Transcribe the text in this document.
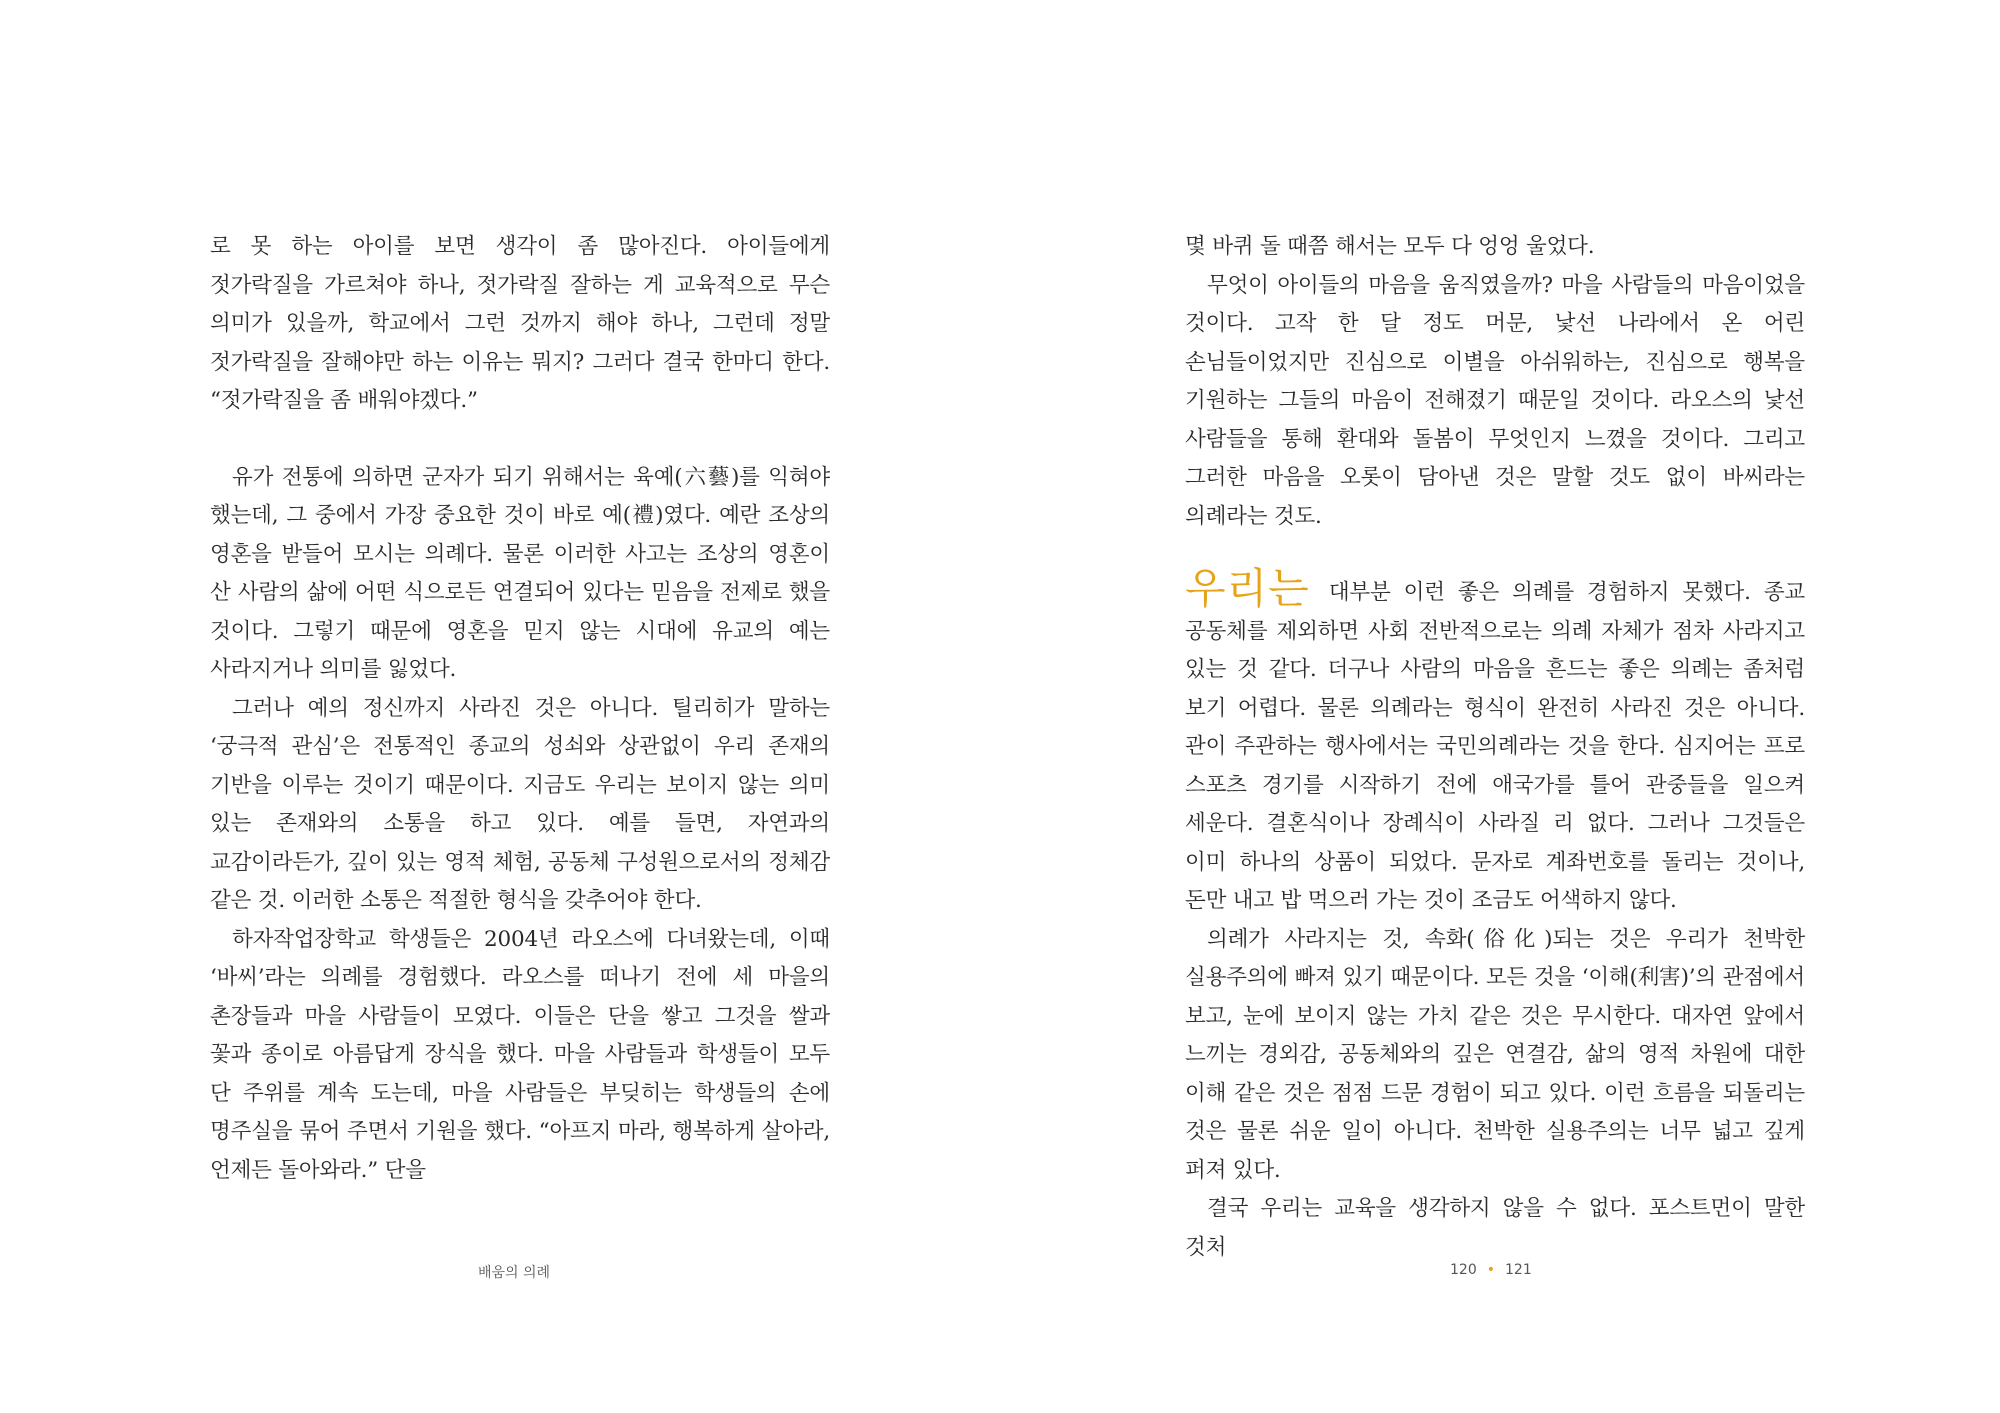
로 못 하는 아이를 보면 생각이 좀 많아진다. 아이들에게 젓가락질을 가르쳐야 하나, 젓가락질 잘하는 게 교육적으로 무슨 의미가 있을까, 학교에서 그런 것까지 해야 하나, 그런데 정말 젓가락질을 잘해야만 하는 이유는 뭐지? 그러다 결국 한마디 한다. “젓가락질을 좀 배워야겠다.”

유가 전통에 의하면 군자가 되기 위해서는 육예(六藝)를 익혀야 했는데, 그 중에서 가장 중요한 것이 바로 예(禮)였다. 예란 조상의 영혼을 받들어 모시는 의례다. 물론 이러한 사고는 조상의 영혼이 산 사람의 삶에 어떤 식으로든 연결되어 있다는 믿음을 전제로 했을 것이다. 그렇기 때문에 영혼을 믿지 않는 시대에 유교의 예는 사라지거나 의미를 잃었다.

그러나 예의 정신까지 사라진 것은 아니다. 틸리히가 말하는 ‘궁극적 관심’은 전통적인 종교의 성쇠와 상관없이 우리 존재의 기반을 이루는 것이기 때문이다. 지금도 우리는 보이지 않는 의미 있는 존재와의 소통을 하고 있다. 예를 들면, 자연과의 교감이라든가, 깊이 있는 영적 체험, 공동체 구성원으로서의 정체감 같은 것. 이러한 소통은 적절한 형식을 갖추어야 한다.

하자작업장학교 학생들은 2004년 라오스에 다녀왔는데, 이때 ‘바씨’라는 의례를 경험했다. 라오스를 떠나기 전에 세 마을의 촌장들과 마을 사람들이 모였다. 이들은 단을 쌓고 그것을 쌀과 꽃과 종이로 아름답게 장식을 했다. 마을 사람들과 학생들이 모두 단 주위를 계속 도는데, 마을 사람들은 부딪히는 학생들의 손에 명주실을 묶어 주면서 기원을 했다. “아프지 마라, 행복하게 살아라, 언제든 돌아와라.” 단을

몇 바퀴 돌 때쯤 해서는 모두 다 엉엉 울었다.

무엇이 아이들의 마음을 움직였을까? 마을 사람들의 마음이었을 것이다. 고작 한 달 정도 머문, 낯선 나라에서 온 어린 손님들이었지만 진심으로 이별을 아쉬워하는, 진심으로 행복을 기원하는 그들의 마음이 전해졌기 때문일 것이다. 라오스의 낯선 사람들을 통해 환대와 돌봄이 무엇인지 느꼈을 것이다. 그리고 그러한 마음을 오롯이 담아낸 것은 말할 것도 없이 바씨라는 의례라는 것도.

우리는 대부분 이런 좋은 의례를 경험하지 못했다. 종교 공동체를 제외하면 사회 전반적으로는 의례 자체가 점차 사라지고 있는 것 같다. 더구나 사람의 마음을 흔드는 좋은 의례는 좀처럼 보기 어렵다. 물론 의례라는 형식이 완전히 사라진 것은 아니다. 관이 주관하는 행사에서는 국민의례라는 것을 한다. 심지어는 프로 스포츠 경기를 시작하기 전에 애국가를 틀어 관중들을 일으켜 세운다. 결혼식이나 장례식이 사라질 리 없다. 그러나 그것들은 이미 하나의 상품이 되었다. 문자로 계좌번호를 돌리는 것이나, 돈만 내고 밥 먹으러 가는 것이 조금도 어색하지 않다.

의례가 사라지는 것, 속화(俗化)되는 것은 우리가 천박한 실용주의에 빠져 있기 때문이다. 모든 것을 ‘이해(利害)’의 관점에서 보고, 눈에 보이지 않는 가치 같은 것은 무시한다. 대자연 앞에서 느끼는 경외감, 공동체와의 깊은 연결감, 삶의 영적 차원에 대한 이해 같은 것은 점점 드문 경험이 되고 있다. 이런 흐름을 되돌리는 것은 물론 쉬운 일이 아니다. 천박한 실용주의는 너무 넓고 깊게 퍼져 있다.

결국 우리는 교육을 생각하지 않을 수 없다. 포스트먼이 말한 것처

배움의 의례	120 • 121
